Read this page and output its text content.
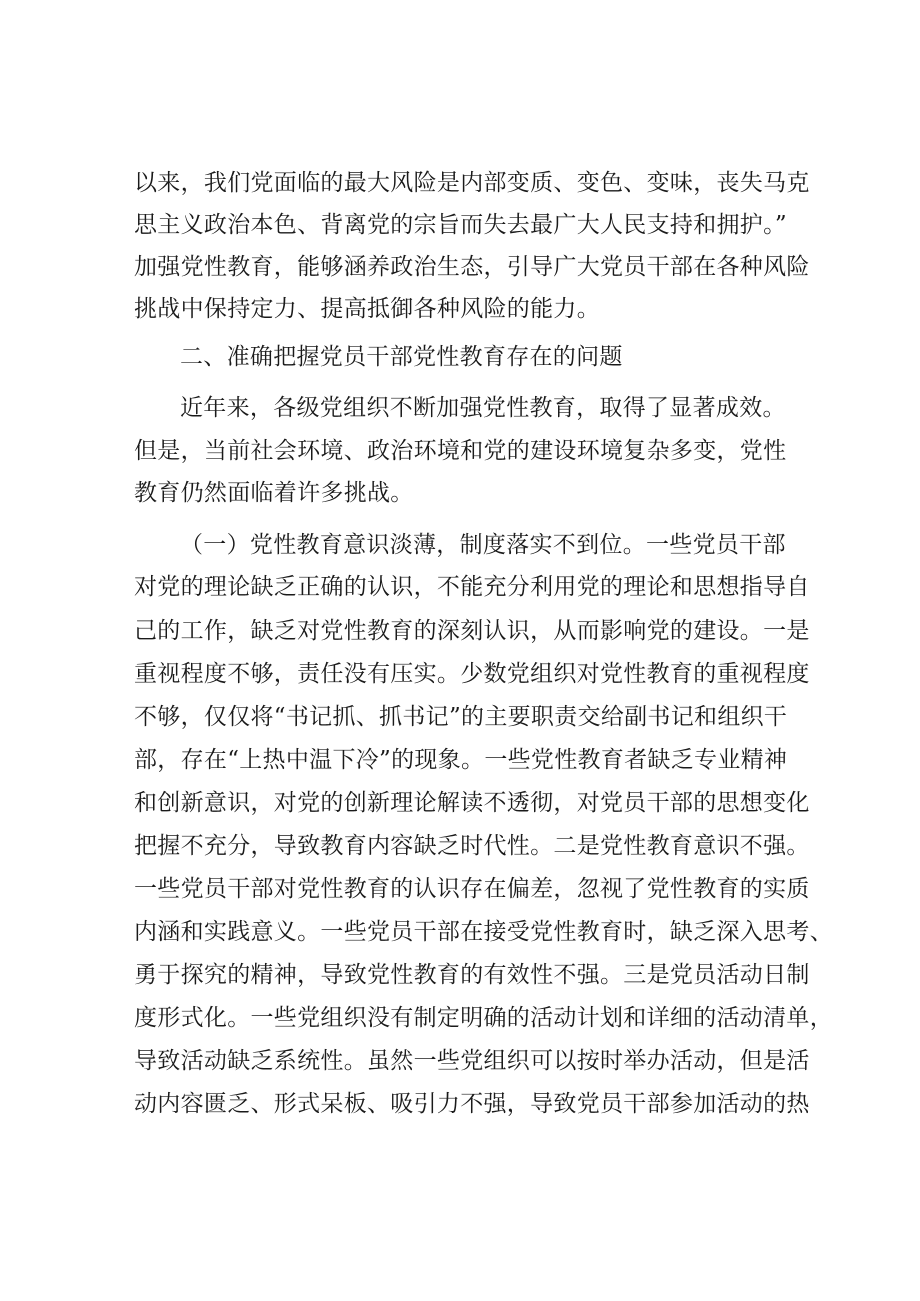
以来，我们党面临的最大风险是内部变质、变色、变味，丧失马克
思主义政治本色、背离党的宗旨而失去最广大人民支持和拥护。”
加强党性教育，能够涵养政治生态，引导广大党员干部在各种风险
挑战中保持定力、提高抵御各种风险的能力。
二、准确把握党员干部党性教育存在的问题
近年来，各级党组织不断加强党性教育，取得了显著成效。
但是，当前社会环境、政治环境和党的建设环境复杂多变，党性
教育仍然面临着许多挑战。
（一）党性教育意识淡薄，制度落实不到位。一些党员干部
对党的理论缺乏正确的认识，不能充分利用党的理论和思想指导自
己的工作，缺乏对党性教育的深刻认识，从而影响党的建设。一是
重视程度不够，责任没有压实。少数党组织对党性教育的重视程度
不够，仅仅将“书记抓、抓书记”的主要职责交给副书记和组织干
部，存在“上热中温下冷”的现象。一些党性教育者缺乏专业精神
和创新意识，对党的创新理论解读不透彻，对党员干部的思想变化
把握不充分，导致教育内容缺乏时代性。二是党性教育意识不强。
一些党员干部对党性教育的认识存在偏差，忽视了党性教育的实质
内涵和实践意义。一些党员干部在接受党性教育时，缺乏深入思考、
勇于探究的精神，导致党性教育的有效性不强。三是党员活动日制
度形式化。一些党组织没有制定明确的活动计划和详细的活动清单，
导致活动缺乏系统性。虽然一些党组织可以按时举办活动，但是活
动内容匮乏、形式呆板、吸引力不强，导致党员干部参加活动的热
